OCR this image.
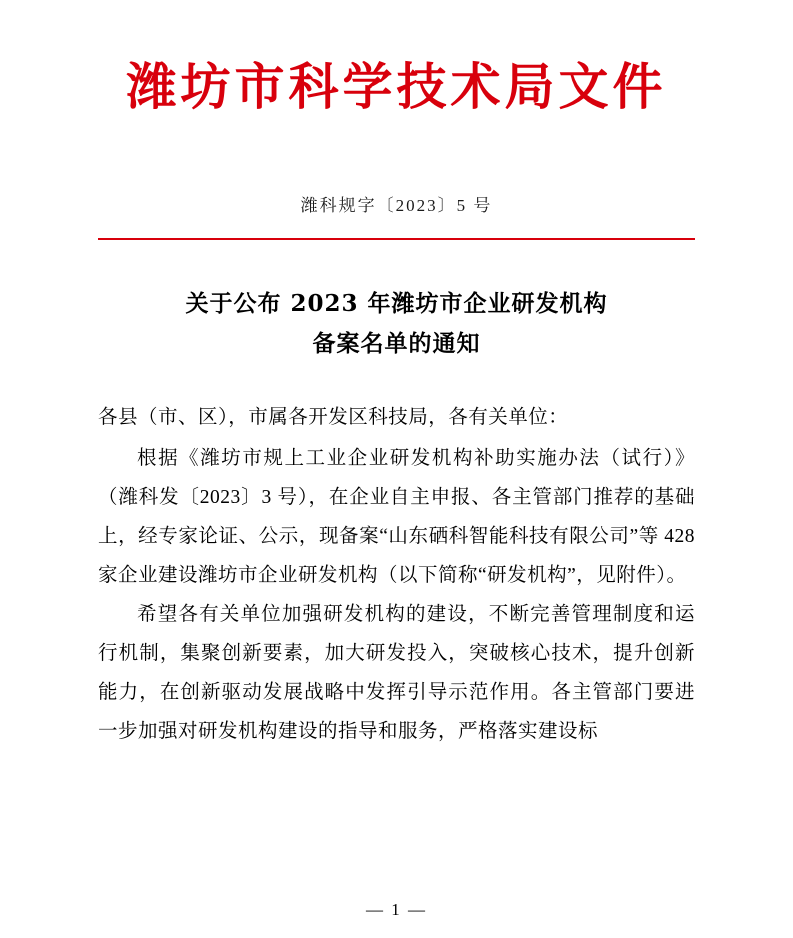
潍坊市科学技术局文件
潍科规字〔2023〕5 号
关于公布 2023 年潍坊市企业研发机构
备案名单的通知

各县（市、区），市属各开发区科技局，各有关单位：

根据《潍坊市规上工业企业研发机构补助实施办法（试行）》（潍科发〔2023〕3 号），在企业自主申报、各主管部门推荐的基础上，经专家论证、公示，现备案“山东硒科智能科技有限公司”等 428 家企业建设潍坊市企业研发机构（以下简称“研发机构”，见附件）。

希望各有关单位加强研发机构的建设，不断完善管理制度和运行机制，集聚创新要素，加大研发投入，突破核心技术，提升创新能力，在创新驱动发展战略中发挥引导示范作用。各主管部门要进一步加强对研发机构建设的指导和服务，严格落实建设标

— 1 —
